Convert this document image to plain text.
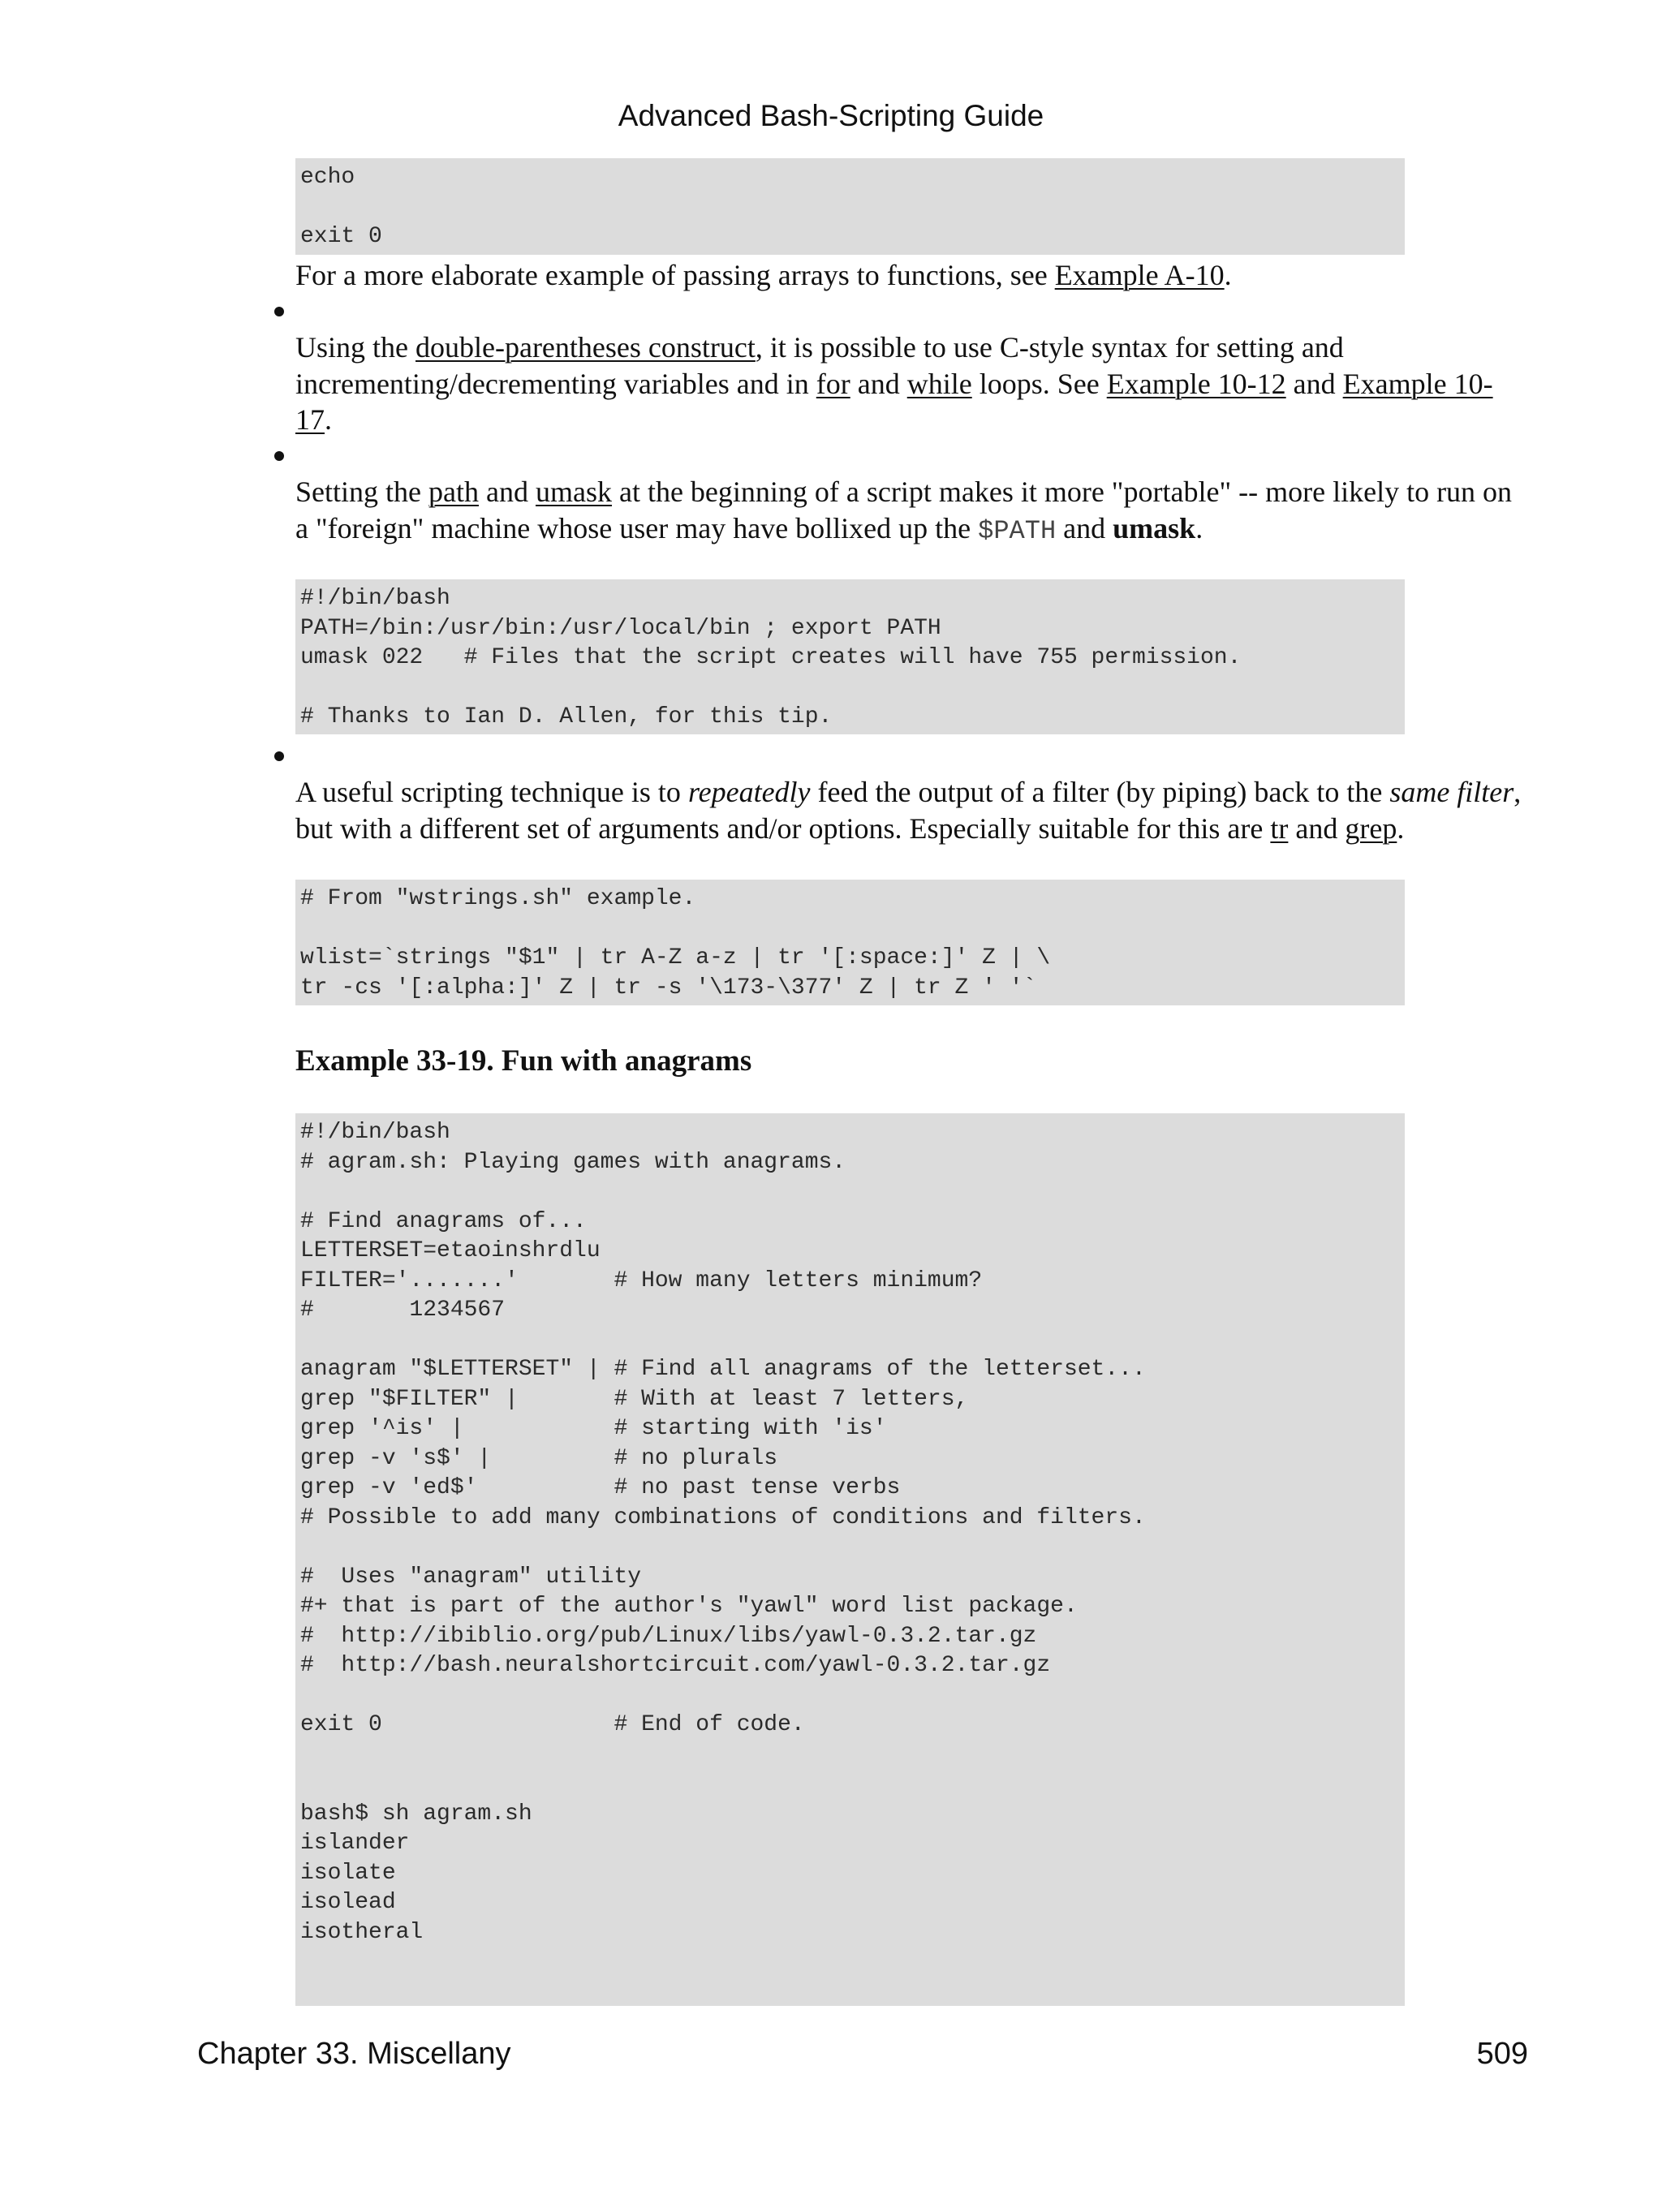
Advanced Bash-Scripting Guide
echo

exit 0
For a more elaborate example of passing arrays to functions, see Example A-10.
Using the double-parentheses construct, it is possible to use C-style syntax for setting and incrementing/decrementing variables and in for and while loops. See Example 10-12 and Example 10-17.
Setting the path and umask at the beginning of a script makes it more "portable" -- more likely to run on a "foreign" machine whose user may have bollixed up the $PATH and umask.
#!/bin/bash
PATH=/bin:/usr/bin:/usr/local/bin ; export PATH
umask 022   # Files that the script creates will have 755 permission.

# Thanks to Ian D. Allen, for this tip.
A useful scripting technique is to repeatedly feed the output of a filter (by piping) back to the same filter, but with a different set of arguments and/or options. Especially suitable for this are tr and grep.
# From "wstrings.sh" example.

wlist=`strings "$1" | tr A-Z a-z | tr '[:space:]' Z | \
tr -cs '[:alpha:]' Z | tr -s '\173-\377' Z | tr Z ' '`
Example 33-19. Fun with anagrams
#!/bin/bash
# agram.sh: Playing games with anagrams.

# Find anagrams of...
LETTERSET=etaoinshrdlu
FILTER='.......'       # How many letters minimum?
#       1234567

anagram "$LETTERSET" | # Find all anagrams of the letterset...
grep "$FILTER" |       # With at least 7 letters,
grep '^is' |           # starting with 'is'
grep -v 's$' |         # no plurals
grep -v 'ed$'          # no past tense verbs
# Possible to add many combinations of conditions and filters.

#  Uses "anagram" utility
#+ that is part of the author's "yawl" word list package.
#  http://ibiblio.org/pub/Linux/libs/yawl-0.3.2.tar.gz
#  http://bash.neuralshortcircuit.com/yawl-0.3.2.tar.gz

exit 0                 # End of code.

bash$ sh agram.sh
islander
isolate
isolead
isotheral
Chapter 33. Miscellany	509
